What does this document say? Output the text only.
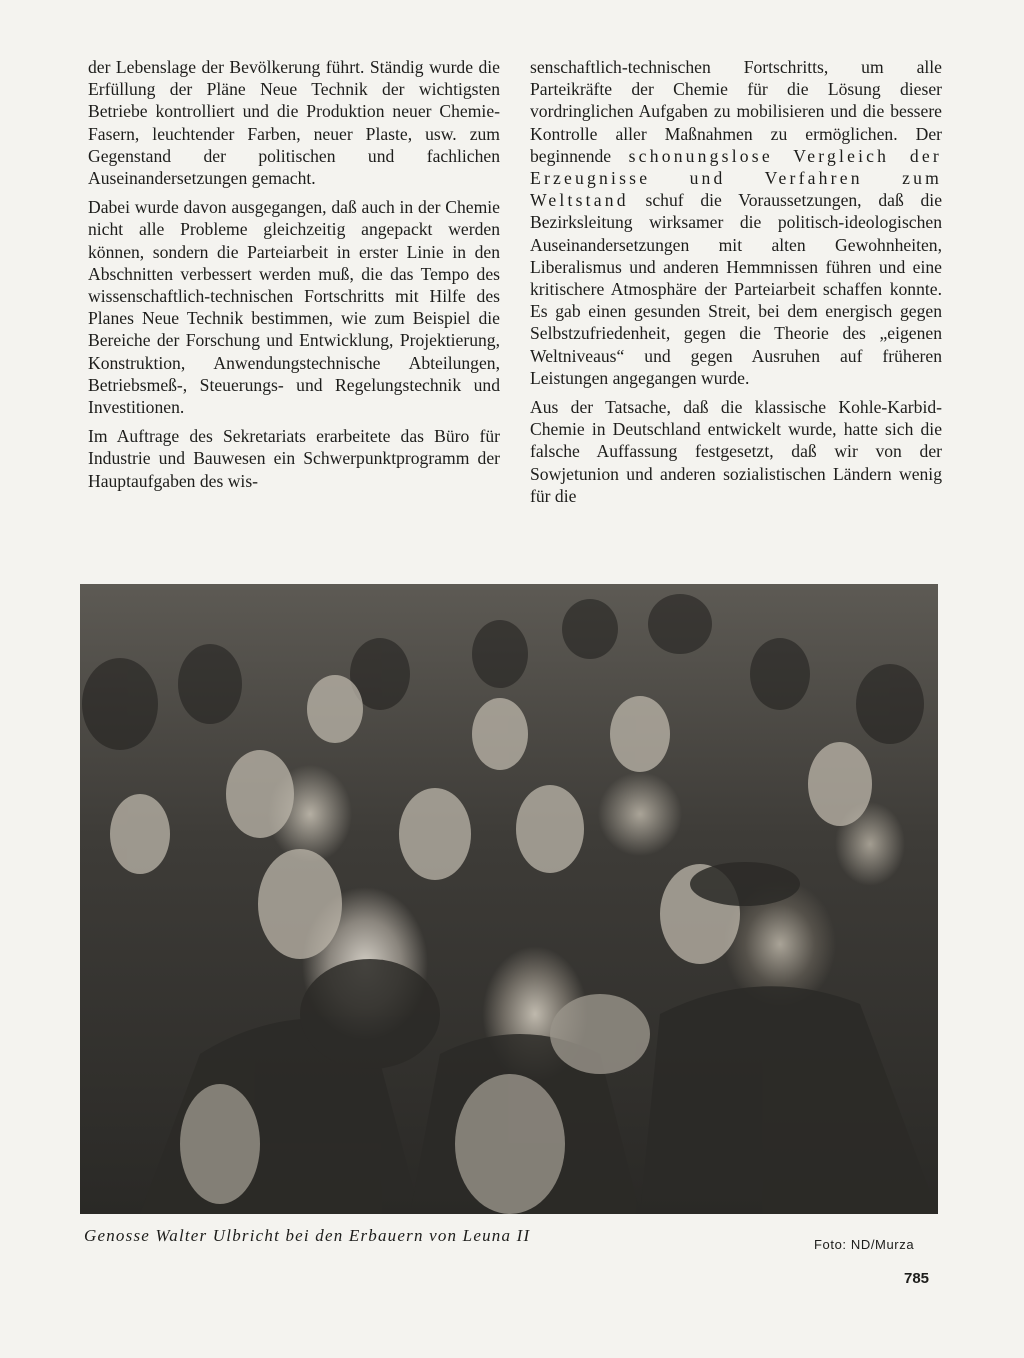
der Lebenslage der Bevölkerung führt. Ständig wurde die Erfüllung der Pläne Neue Technik der wichtigsten Betriebe kontrolliert und die Produktion neuer Chemie-Fasern, leuchtender Farben, neuer Plaste, usw. zum Gegenstand der politischen und fachlichen Auseinandersetzungen gemacht.

Dabei wurde davon ausgegangen, daß auch in der Chemie nicht alle Probleme gleichzeitig angepackt werden können, sondern die Parteiarbeit in erster Linie in den Abschnitten verbessert werden muß, die das Tempo des wissenschaftlich-technischen Fortschritts mit Hilfe des Planes Neue Technik bestimmen, wie zum Beispiel die Bereiche der Forschung und Entwicklung, Projektierung, Konstruktion, Anwendungstechnische Abteilungen, Betriebsmeß-, Steuerungs- und Regelungstechnik und Investitionen.

Im Auftrage des Sekretariats erarbeitete das Büro für Industrie und Bauwesen ein Schwerpunktprogramm der Hauptaufgaben des wis-

senschaftlich-technischen Fortschritts, um alle Parteikräfte der Chemie für die Lösung dieser vordringlichen Aufgaben zu mobilisieren und die bessere Kontrolle aller Maßnahmen zu ermöglichen. Der beginnende schonungslose Vergleich der Erzeugnisse und Verfahren zum Weltstand schuf die Voraussetzungen, daß die Bezirksleitung wirksamer die politisch-ideologischen Auseinandersetzungen mit alten Gewohnheiten, Liberalismus und anderen Hemmnissen führen und eine kritischere Atmosphäre der Parteiarbeit schaffen konnte. Es gab einen gesunden Streit, bei dem energisch gegen Selbstzufriedenheit, gegen die Theorie des „eigenen Weltniveaus“ und gegen Ausruhen auf früheren Leistungen angegangen wurde.

Aus der Tatsache, daß die klassische Kohle-Karbid-Chemie in Deutschland entwickelt wurde, hatte sich die falsche Auffassung festgesetzt, daß wir von der Sowjetunion und anderen sozialistischen Ländern wenig für die

Genosse Walter Ulbricht bei den Erbauern von Leuna II	Foto: ND/Murza
785
